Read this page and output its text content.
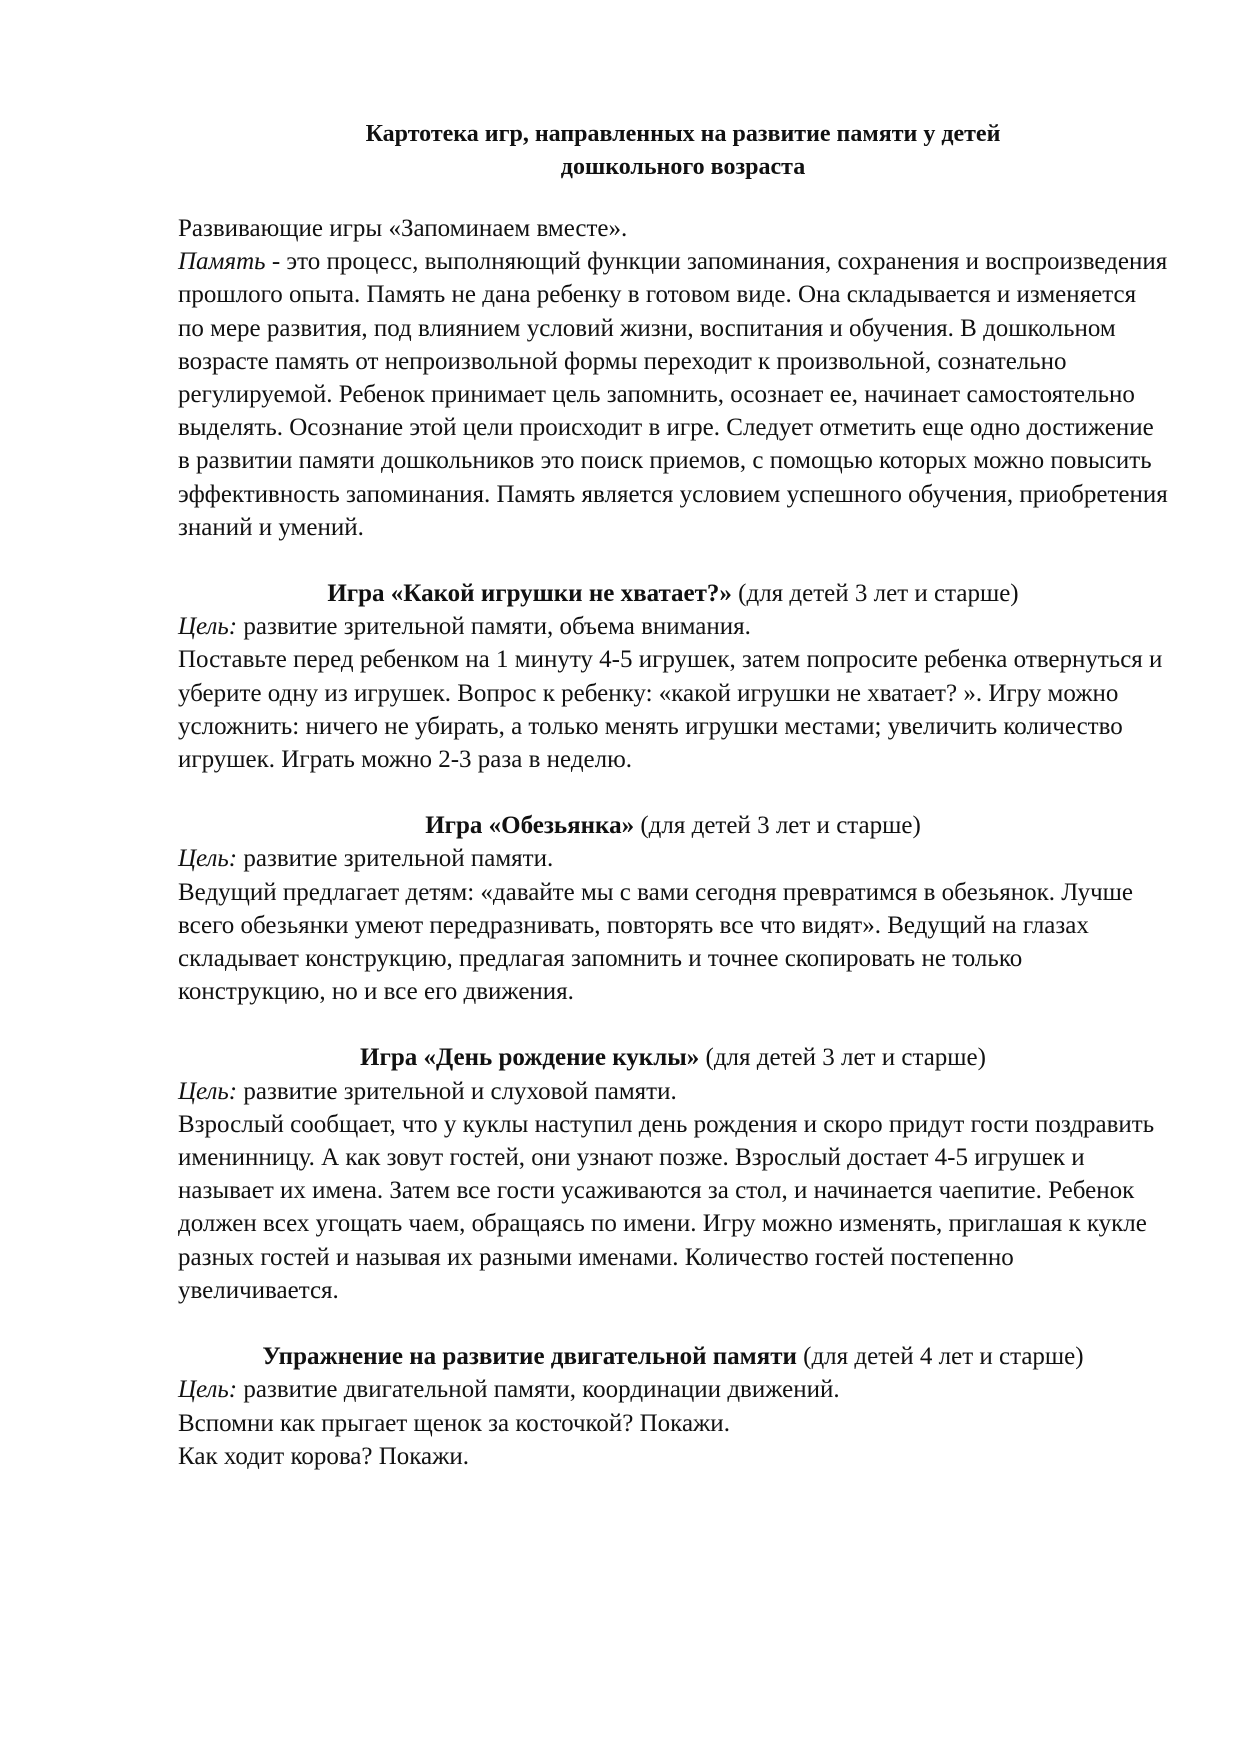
Картотека игр, направленных на развитие памяти у детей
дошкольного возраста

Развивающие игры «Запоминаем вместе».

Память - это процесс, выполняющий функции запоминания, сохранения и воспроизведения прошлого опыта. Память не дана ребенку в готовом виде. Она складывается и изменяется по мере развития, под влиянием условий жизни, воспитания и обучения. В дошкольном возрасте память от непроизвольной формы переходит к произвольной, сознательно регулируемой. Ребенок принимает цель запомнить, осознает ее, начинает самостоятельно выделять. Осознание этой цели происходит в игре. Следует отметить еще одно достижение в развитии памяти дошкольников это поиск приемов, с помощью которых можно повысить эффективность запоминания. Память является условием успешного обучения, приобретения знаний и умений.

Игра «Какой игрушки не хватает?» (для детей 3 лет и старше)

Цель: развитие зрительной памяти, объема внимания.

Поставьте перед ребенком на 1 минуту 4-5 игрушек, затем попросите ребенка отвернуться и уберите одну из игрушек. Вопрос к ребенку: «какой игрушки не хватает? ». Игру можно усложнить: ничего не убирать, а только менять игрушки местами; увеличить количество игрушек. Играть можно 2-3 раза в неделю.

Игра «Обезьянка» (для детей 3 лет и старше)

Цель: развитие зрительной памяти.

Ведущий предлагает детям: «давайте мы с вами сегодня превратимся в обезьянок. Лучше всего обезьянки умеют передразнивать, повторять все что видят». Ведущий на глазах складывает конструкцию, предлагая запомнить и точнее скопировать не только конструкцию, но и все его движения.

Игра «День рождение куклы» (для детей 3 лет и старше)

Цель: развитие зрительной и слуховой памяти.

Взрослый сообщает, что у куклы наступил день рождения и скоро придут гости поздравить именинницу. А как зовут гостей, они узнают позже. Взрослый достает 4-5 игрушек и называет их имена. Затем все гости усаживаются за стол, и начинается чаепитие. Ребенок должен всех угощать чаем, обращаясь по имени. Игру можно изменять, приглашая к кукле разных гостей и называя их разными именами. Количество гостей постепенно увеличивается.

Упражнение на развитие двигательной памяти (для детей 4 лет и старше)

Цель: развитие двигательной памяти, координации движений.

Вспомни как прыгает щенок за косточкой? Покажи.

Как ходит корова? Покажи.
